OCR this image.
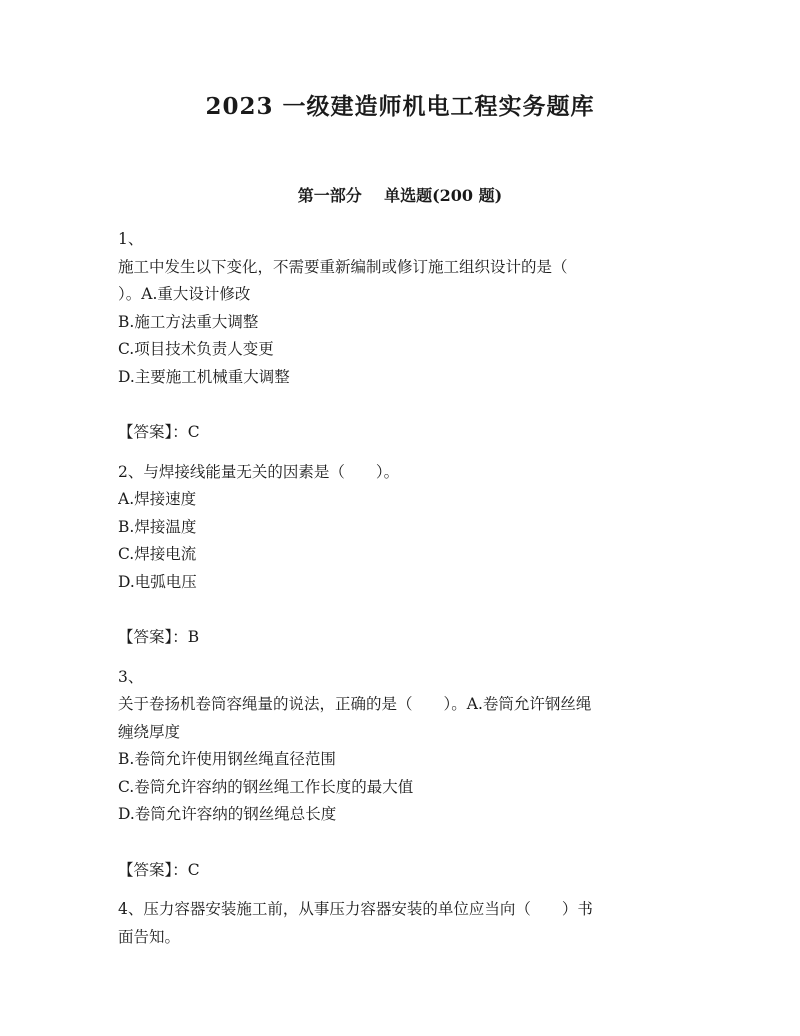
2023 一级建造师机电工程实务题库
第一部分    单选题(200 题)
1、
施工中发生以下变化，不需要重新编制或修订施工组织设计的是（
）。A.重大设计修改
B.施工方法重大调整
C.项目技术负责人变更
D.主要施工机械重大调整
【答案】：C
2、与焊接线能量无关的因素是（　　）。
A.焊接速度
B.焊接温度
C.焊接电流
D.电弧电压
【答案】：B
3、
关于卷扬机卷筒容绳量的说法，正确的是（　　）。A.卷筒允许钢丝绳
缠绕厚度
B.卷筒允许使用钢丝绳直径范围
C.卷筒允许容纳的钢丝绳工作长度的最大值
D.卷筒允许容纳的钢丝绳总长度
【答案】：C
4、压力容器安装施工前，从事压力容器安装的单位应当向（　　）书
面告知。
